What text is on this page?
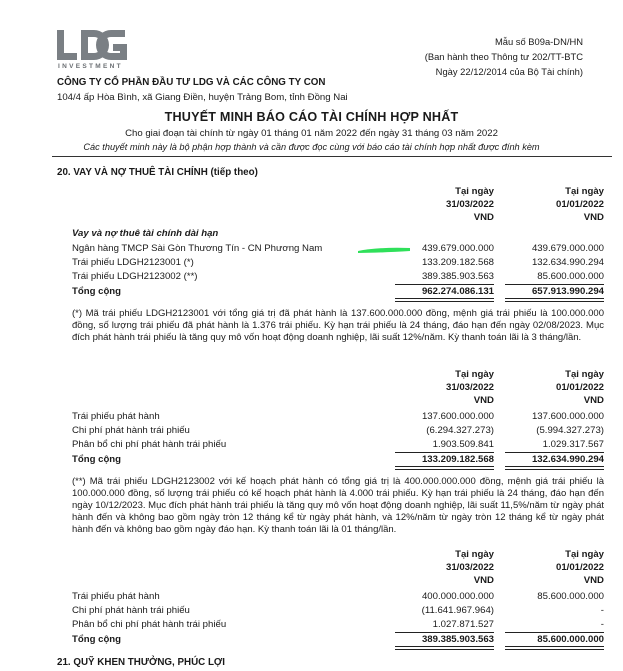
INVESTMENT
Mẫu số B09a-DN/HN
(Ban hành theo Thông tư 202/TT-BTC
Ngày 22/12/2014 của Bộ Tài chính)
CÔNG TY CỔ PHẦN ĐẦU TƯ LDG VÀ CÁC CÔNG TY CON
104/4 ấp Hòa Bình, xã Giang Điền, huyện Trảng Bom, tỉnh Đồng Nai
THUYẾT MINH BÁO CÁO TÀI CHÍNH HỢP NHẤT
Cho giai đoạn tài chính từ ngày 01 tháng 01 năm 2022 đến ngày 31 tháng 03 năm 2022
Các thuyết minh này là bộ phận hợp thành và cần được đọc cùng với báo cáo tài chính hợp nhất được đính kèm
20. VAY VÀ NỢ THUÊ TÀI CHÍNH (tiếp theo)
Tại ngày
31/03/2022
VND
Tại ngày
01/01/2022
VND
Vay và nợ thuê tài chính dài hạn
Ngân hàng TMCP Sài Gòn Thương Tín - CN Phương Nam	439.679.000.000	439.679.000.000
Trái phiếu LDGH2123001 (*)	133.209.182.568	132.634.990.294
Trái phiếu LDGH2123002 (**)	389.385.903.563	85.600.000.000
Tổng cộng	962.274.086.131	657.913.990.294
(*) Mã trái phiếu LDGH2123001 với tổng giá trị đã phát hành là 137.600.000.000 đồng, mệnh giá trái phiếu là 100.000.000 đồng, số lượng trái phiếu đã phát hành là 1.376 trái phiếu. Kỳ hạn trái phiếu là 24 tháng, đáo hạn đến ngày 02/08/2023. Mục đích phát hành trái phiếu là tăng quy mô vốn hoạt động doanh nghiệp, lãi suất 12%/năm. Kỳ thanh toán lãi là 3 tháng/lần.
Tại ngày
31/03/2022
VND
Tại ngày
01/01/2022
VND
Trái phiếu phát hành	137.600.000.000	137.600.000.000
Chi phí phát hành trái phiếu	(6.294.327.273)	(5.994.327.273)
Phân bổ chi phí phát hành trái phiếu	1.903.509.841	1.029.317.567
Tổng cộng	133.209.182.568	132.634.990.294
(**) Mã trái phiếu LDGH2123002 với kế hoạch phát hành có tổng giá trị là 400.000.000.000 đồng, mệnh giá trái phiếu là 100.000.000 đồng, số lượng trái phiếu có kế hoạch phát hành là 4.000 trái phiếu. Kỳ hạn trái phiếu là 24 tháng, đáo hạn đến ngày 10/12/2023. Mục đích phát hành trái phiếu là tăng quy mô vốn hoạt động doanh nghiệp, lãi suất 11,5%/năm từ ngày phát hành đến và không bao gồm ngày tròn 12 tháng kể từ ngày phát hành, và 12%/năm từ ngày tròn 12 tháng kể từ ngày phát hành đến và không bao gồm ngày đáo hạn. Kỳ thanh toán lãi là 01 tháng/lần.
Tại ngày
31/03/2022
VND
Tại ngày
01/01/2022
VND
Trái phiếu phát hành	400.000.000.000	85.600.000.000
Chi phí phát hành trái phiếu	(11.641.967.964)	-
Phân bổ chi phí phát hành trái phiếu	1.027.871.527	-
Tổng cộng	389.385.903.563	85.600.000.000
21. QUỸ KHEN THƯỞNG, PHÚC LỢI
